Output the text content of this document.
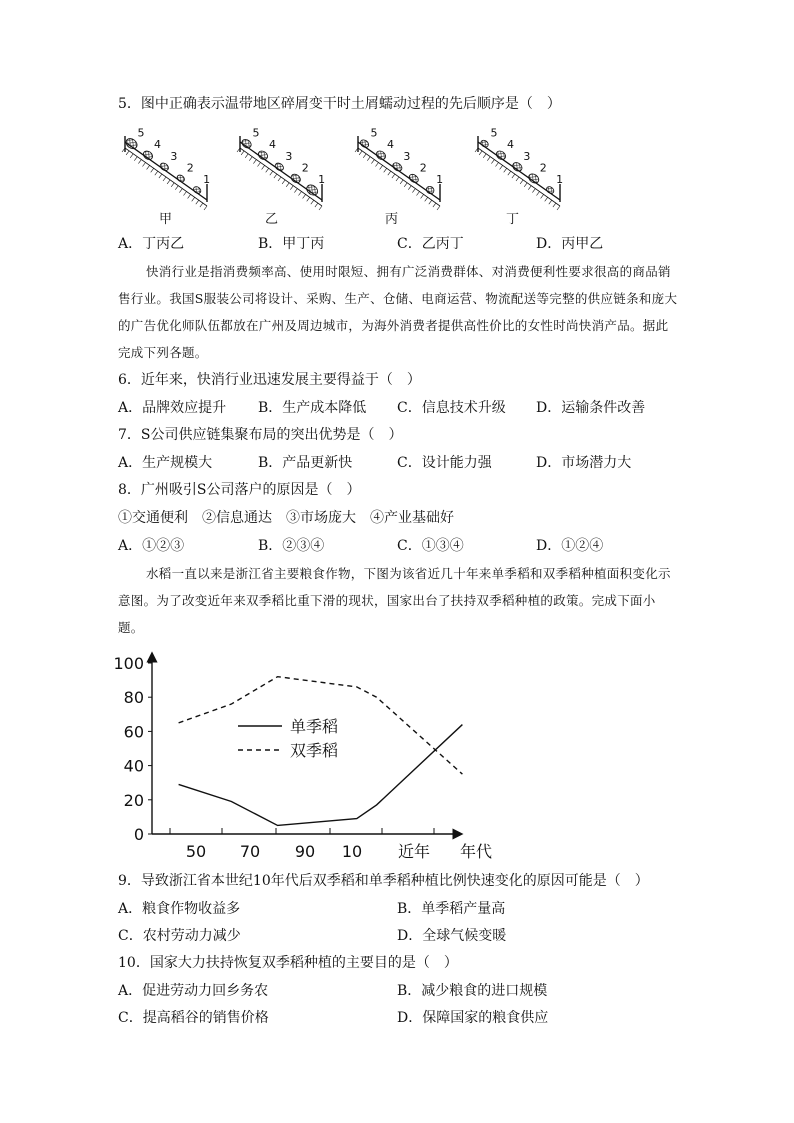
5．图中正确表示温带地区碎屑变干时土屑蠕动过程的先后顺序是（　）
5
4
3
2
1
5
4
3
2
1
5
4
3
2
1
5
4
3
2
1
甲	乙	丙	丁
A．丁丙乙	B．甲丁丙	C．乙丙丁	D．丙甲乙
快消行业是指消费频率高、使用时限短、拥有广泛消费群体、对消费便利性要求很高的商品销售行业。我国S服装公司将设计、采购、生产、仓储、电商运营、物流配送等完整的供应链条和庞大的广告优化师队伍都放在广州及周边城市，为海外消费者提供高性价比的女性时尚快消产品。据此完成下列各题。
6．近年来，快消行业迅速发展主要得益于（　）
A．品牌效应提升 B．生产成本降低 C．信息技术升级 D．运输条件改善
7．S公司供应链集聚布局的突出优势是（　）
A．生产规模大	B．产品更新快	C．设计能力强	D．市场潜力大
8．广州吸引S公司落户的原因是（　）
①交通便利　②信息通达　③市场庞大　④产业基础好
A．①②③	B．②③④	C．①③④	D．①②④
水稻一直以来是浙江省主要粮食作物，下图为该省近几十年来单季稻和双季稻种植面积变化示意图。为了改变近年来双季稻比重下滑的现状，国家出台了扶持双季稻种植的政策。完成下面小题。
0
20
40
60
80
100
50 70 90 10 近年 年代
单季稻
双季稻
9．导致浙江省本世纪10年代后双季稻和单季稻种植比例快速变化的原因可能是（　）
A．粮食作物收益多	B．单季稻产量高
C．农村劳动力减少	D．全球气候变暖
10．国家大力扶持恢复双季稻种植的主要目的是（　）
A．促进劳动力回乡务农	B．减少粮食的进口规模
C．提高稻谷的销售价格	D．保障国家的粮食供应
